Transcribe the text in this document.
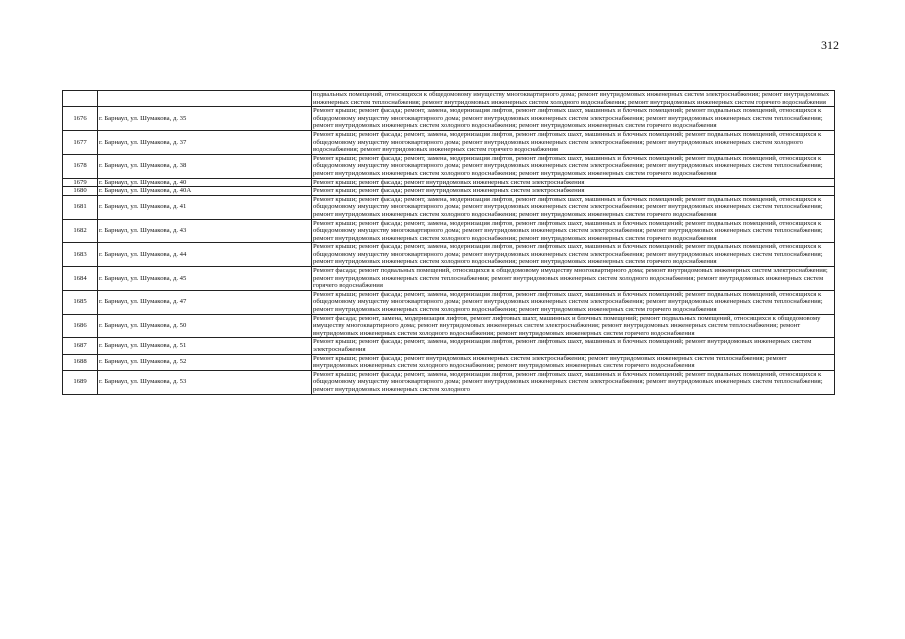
312
		подвальных помещений, относящихся к общедомовому имуществу многоквартирного дома; ремонт внутридомовых инженерных систем электроснабжения; ремонт внутридомовых инженерных систем теплоснабжения; ремонт внутридомовых инженерных систем холодного водоснабжения; ремонт внутридомовых инженерных систем горячего водоснабжения
1676	г. Барнаул, ул. Шумакова, д. 35	Ремонт крыши; ремонт фасада; ремонт, замена, модернизация лифтов, ремонт лифтовых шахт, машинных и блочных помещений; ремонт подвальных помещений, относящихся к общедомовому имуществу многоквартирного дома; ремонт внутридомовых инженерных систем электроснабжения; ремонт внутридомовых инженерных систем теплоснабжения; ремонт внутридомовых инженерных систем холодного водоснабжения; ремонт внутридомовых инженерных систем горячего водоснабжения
1677	г. Барнаул, ул. Шумакова, д. 37	Ремонт крыши; ремонт фасада; ремонт, замена, модернизация лифтов, ремонт лифтовых шахт, машинных и блочных помещений; ремонт подвальных помещений, относящихся к общедомовому имуществу многоквартирного дома; ремонт внутридомовых инженерных систем электроснабжения; ремонт внутридомовых инженерных систем холодного водоснабжения; ремонт внутридомовых инженерных систем горячего водоснабжения
1678	г. Барнаул, ул. Шумакова, д. 38	Ремонт крыши; ремонт фасада; ремонт, замена, модернизация лифтов, ремонт лифтовых шахт, машинных и блочных помещений; ремонт подвальных помещений, относящихся к общедомовому имуществу многоквартирного дома; ремонт внутридомовых инженерных систем электроснабжения; ремонт внутридомовых инженерных систем теплоснабжения; ремонт внутридомовых инженерных систем холодного водоснабжения; ремонт внутридомовых инженерных систем горячего водоснабжения
1679	г. Барнаул, ул. Шумакова, д. 40	Ремонт крыши; ремонт фасада; ремонт внутридомовых инженерных систем электроснабжения
1680	г. Барнаул, ул. Шумакова, д. 40А	Ремонт крыши; ремонт фасада; ремонт внутридомовых инженерных систем электроснабжения
1681	г. Барнаул, ул. Шумакова, д. 41	Ремонт крыши; ремонт фасада; ремонт, замена, модернизация лифтов, ремонт лифтовых шахт, машинных и блочных помещений; ремонт подвальных помещений, относящихся к общедомовому имуществу многоквартирного дома; ремонт внутридомовых инженерных систем электроснабжения; ремонт внутридомовых инженерных систем теплоснабжения; ремонт внутридомовых инженерных систем холодного водоснабжения; ремонт внутридомовых инженерных систем горячего водоснабжения
1682	г. Барнаул, ул. Шумакова, д. 43	Ремонт крыши; ремонт фасада; ремонт, замена, модернизация лифтов, ремонт лифтовых шахт, машинных и блочных помещений; ремонт подвальных помещений, относящихся к общедомовому имуществу многоквартирного дома; ремонт внутридомовых инженерных систем электроснабжения; ремонт внутридомовых инженерных систем теплоснабжения; ремонт внутридомовых инженерных систем холодного водоснабжения; ремонт внутридомовых инженерных систем горячего водоснабжения
1683	г. Барнаул, ул. Шумакова, д. 44	Ремонт крыши; ремонт фасада; ремонт, замена, модернизация лифтов, ремонт лифтовых шахт, машинных и блочных помещений; ремонт подвальных помещений, относящихся к общедомовому имуществу многоквартирного дома; ремонт внутридомовых инженерных систем электроснабжения; ремонт внутридомовых инженерных систем теплоснабжения; ремонт внутридомовых инженерных систем холодного водоснабжения; ремонт внутридомовых инженерных систем горячего водоснабжения
1684	г. Барнаул, ул. Шумакова, д. 45	Ремонт фасада; ремонт подвальных помещений, относящихся к общедомовому имуществу многоквартирного дома; ремонт внутридомовых инженерных систем электроснабжения; ремонт внутридомовых инженерных систем теплоснабжения; ремонт внутридомовых инженерных систем холодного водоснабжения; ремонт внутридомовых инженерных систем горячего водоснабжения
1685	г. Барнаул, ул. Шумакова, д. 47	Ремонт крыши; ремонт фасада; ремонт, замена, модернизация лифтов, ремонт лифтовых шахт, машинных и блочных помещений; ремонт подвальных помещений, относящихся к общедомовому имуществу многоквартирного дома; ремонт внутридомовых инженерных систем электроснабжения; ремонт внутридомовых инженерных систем теплоснабжения; ремонт внутридомовых инженерных систем холодного водоснабжения; ремонт внутридомовых инженерных систем горячего водоснабжения
1686	г. Барнаул, ул. Шумакова, д. 50	Ремонт фасада; ремонт, замена, модернизация лифтов, ремонт лифтовых шахт, машинных и блочных помещений; ремонт подвальных помещений, относящихся к общедомовому имуществу многоквартирного дома; ремонт внутридомовых инженерных систем электроснабжения; ремонт внутридомовых инженерных систем теплоснабжения; ремонт внутридомовых инженерных систем холодного водоснабжения; ремонт внутридомовых инженерных систем горячего водоснабжения
1687	г. Барнаул, ул. Шумакова, д. 51	Ремонт крыши; ремонт фасада; ремонт, замена, модернизация лифтов, ремонт лифтовых шахт, машинных и блочных помещений; ремонт внутридомовых инженерных систем электроснабжения
1688	г. Барнаул, ул. Шумакова, д. 52	Ремонт крыши; ремонт фасада; ремонт внутридомовых инженерных систем электроснабжения; ремонт внутридомовых инженерных систем теплоснабжения; ремонт внутридомовых инженерных систем холодного водоснабжения; ремонт внутридомовых инженерных систем горячего водоснабжения
1689	г. Барнаул, ул. Шумакова, д. 53	Ремонт крыши; ремонт фасада; ремонт, замена, модернизация лифтов, ремонт лифтовых шахт, машинных и блочных помещений; ремонт подвальных помещений, относящихся к общедомовому имуществу многоквартирного дома; ремонт внутридомовых инженерных систем электроснабжения; ремонт внутридомовых инженерных систем теплоснабжения; ремонт внутридомовых инженерных систем холодного
